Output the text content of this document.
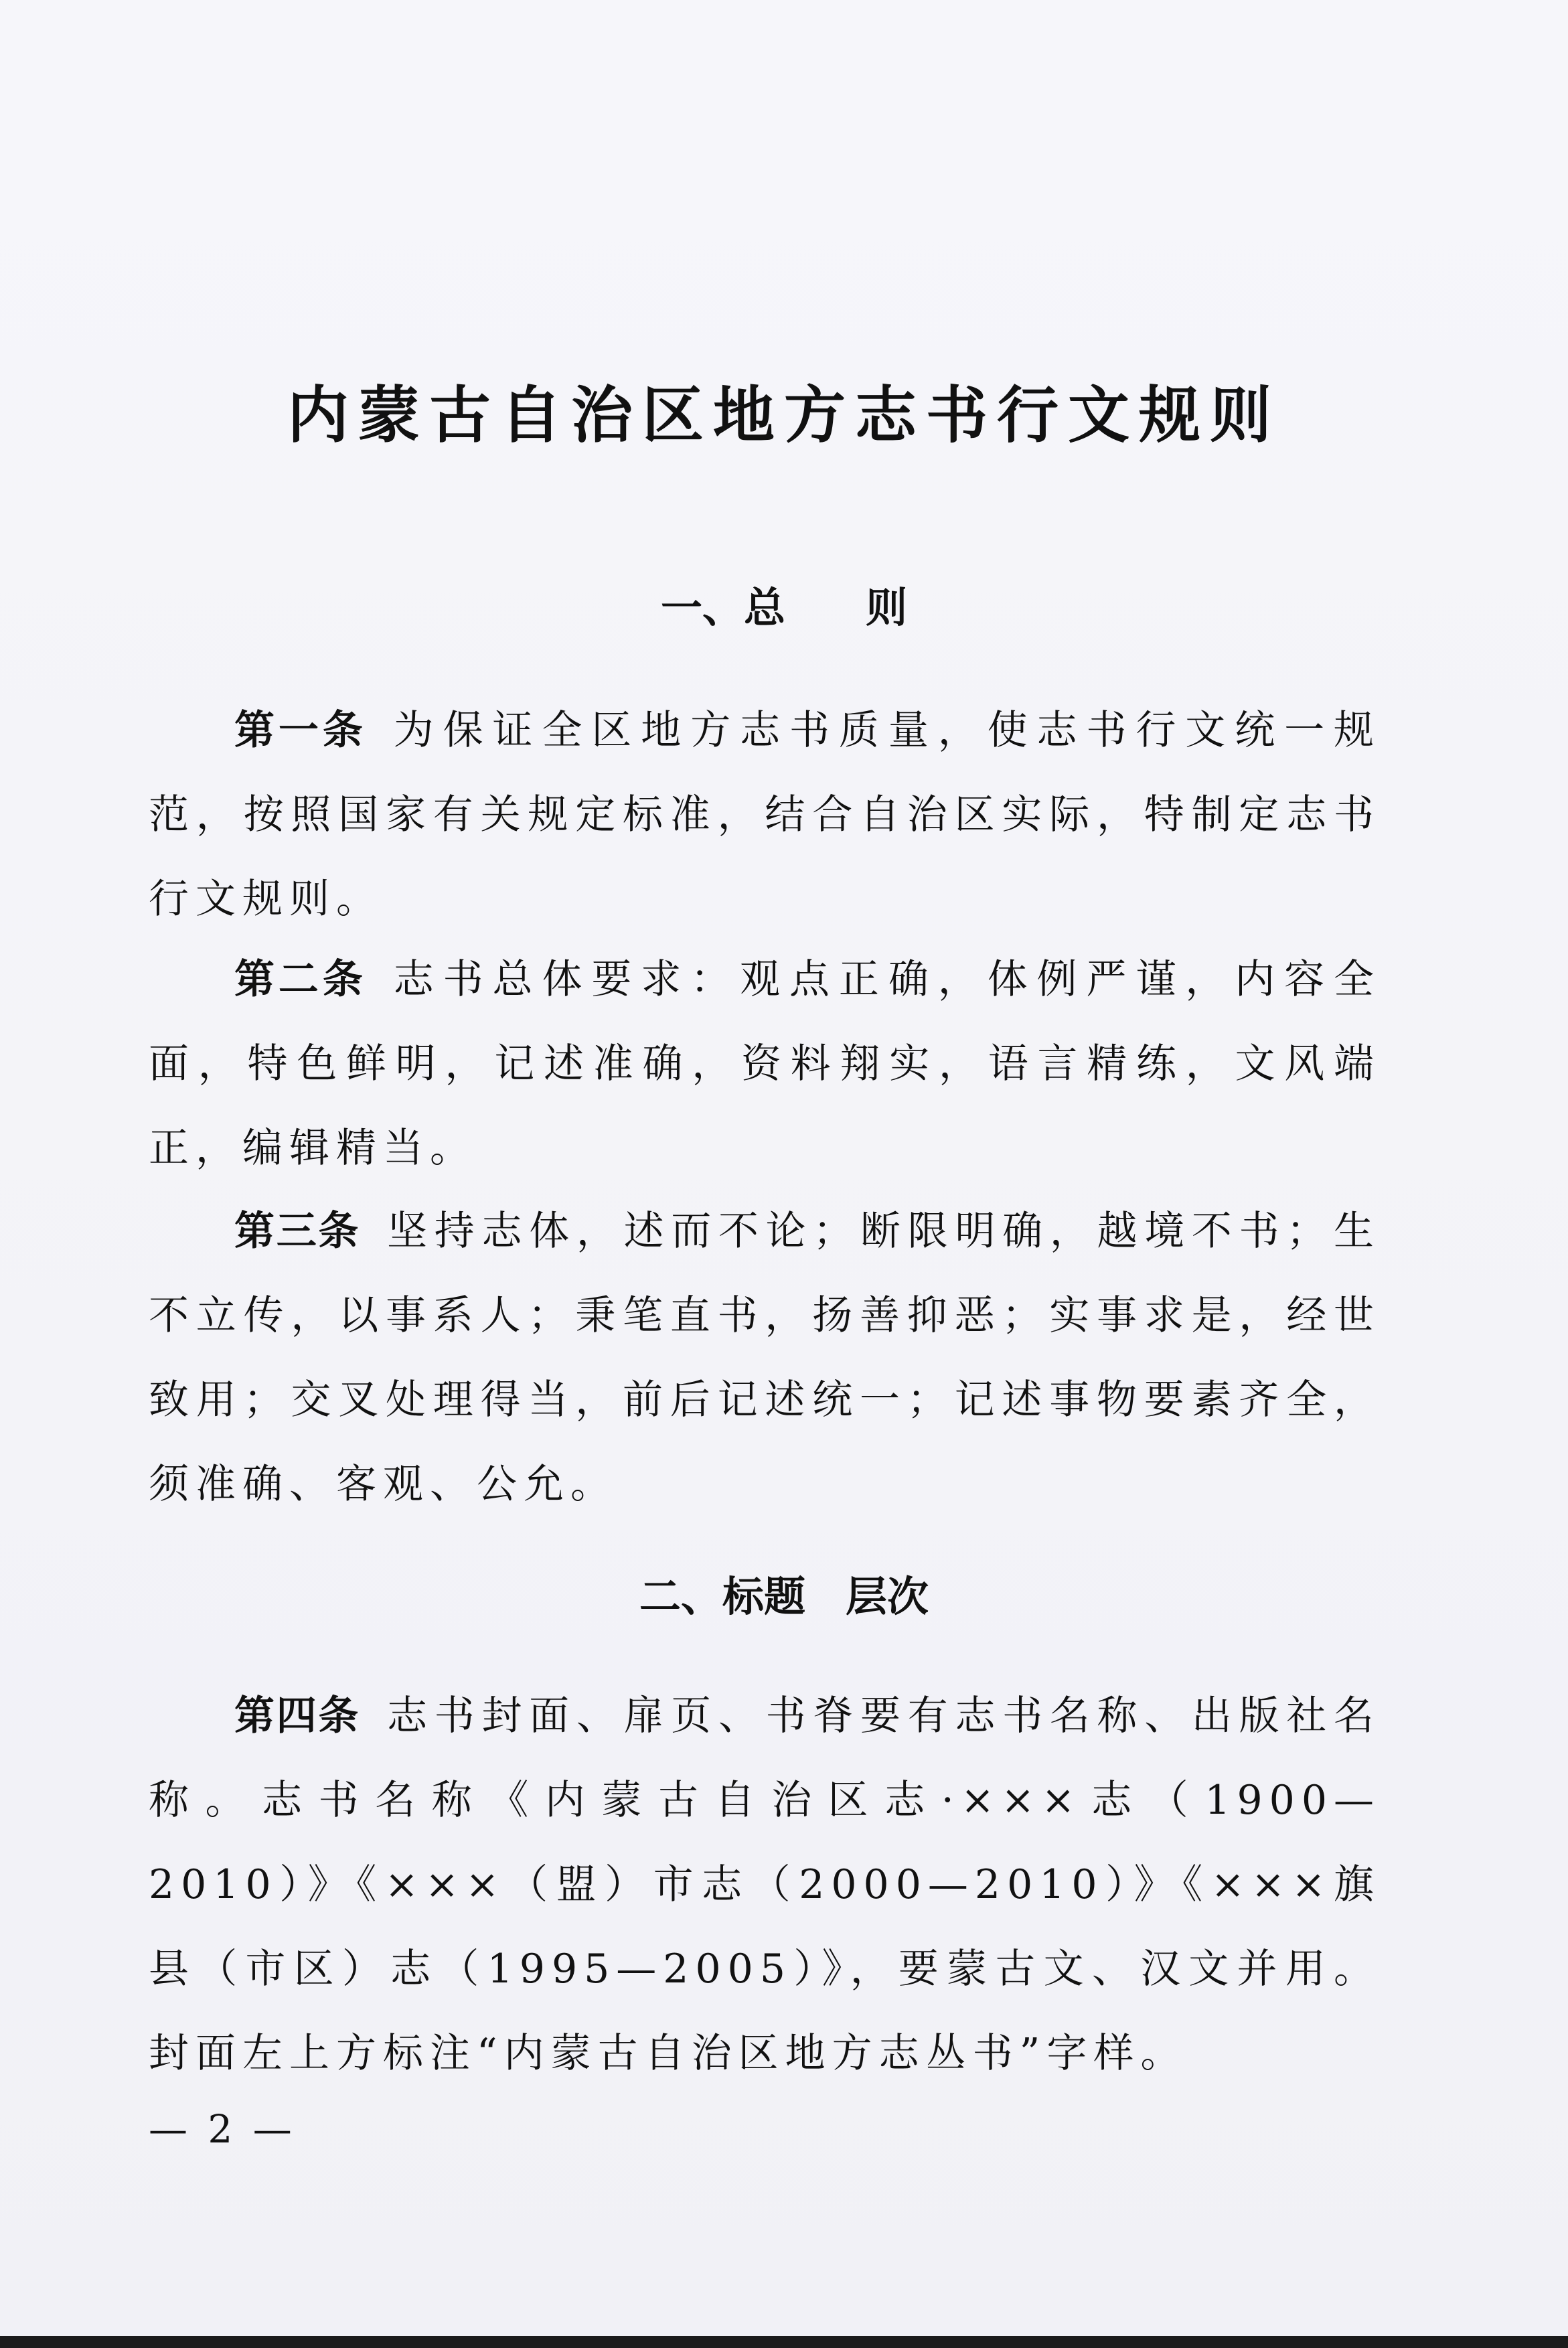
内蒙古自治区地方志书行文规则
一、总 则

第一条 为保证全区地方志书质量，使志书行文统一规范，按照国家有关规定标准，结合自治区实际，特制定志书行文规则。

第二条 志书总体要求：观点正确，体例严谨，内容全面，特色鲜明，记述准确，资料翔实，语言精练，文风端正，编辑精当。

第三条 坚持志体，述而不论；断限明确，越境不书；生不立传，以事系人；秉笔直书，扬善抑恶；实事求是，经世致用；交叉处理得当，前后记述统一；记述事物要素齐全，须准确、客观、公允。

二、标题 层次

第四条 志书封面、扉页、书脊要有志书名称、出版社名称。志书名称《内蒙古自治区志·×××志（1900—2010）》《×××（盟）市志（2000—2010）》《×××旗县（市区）志（1995—2005）》，要蒙古文、汉文并用。封面左上方标注“内蒙古自治区地方志丛书”字样。

— 2 —
